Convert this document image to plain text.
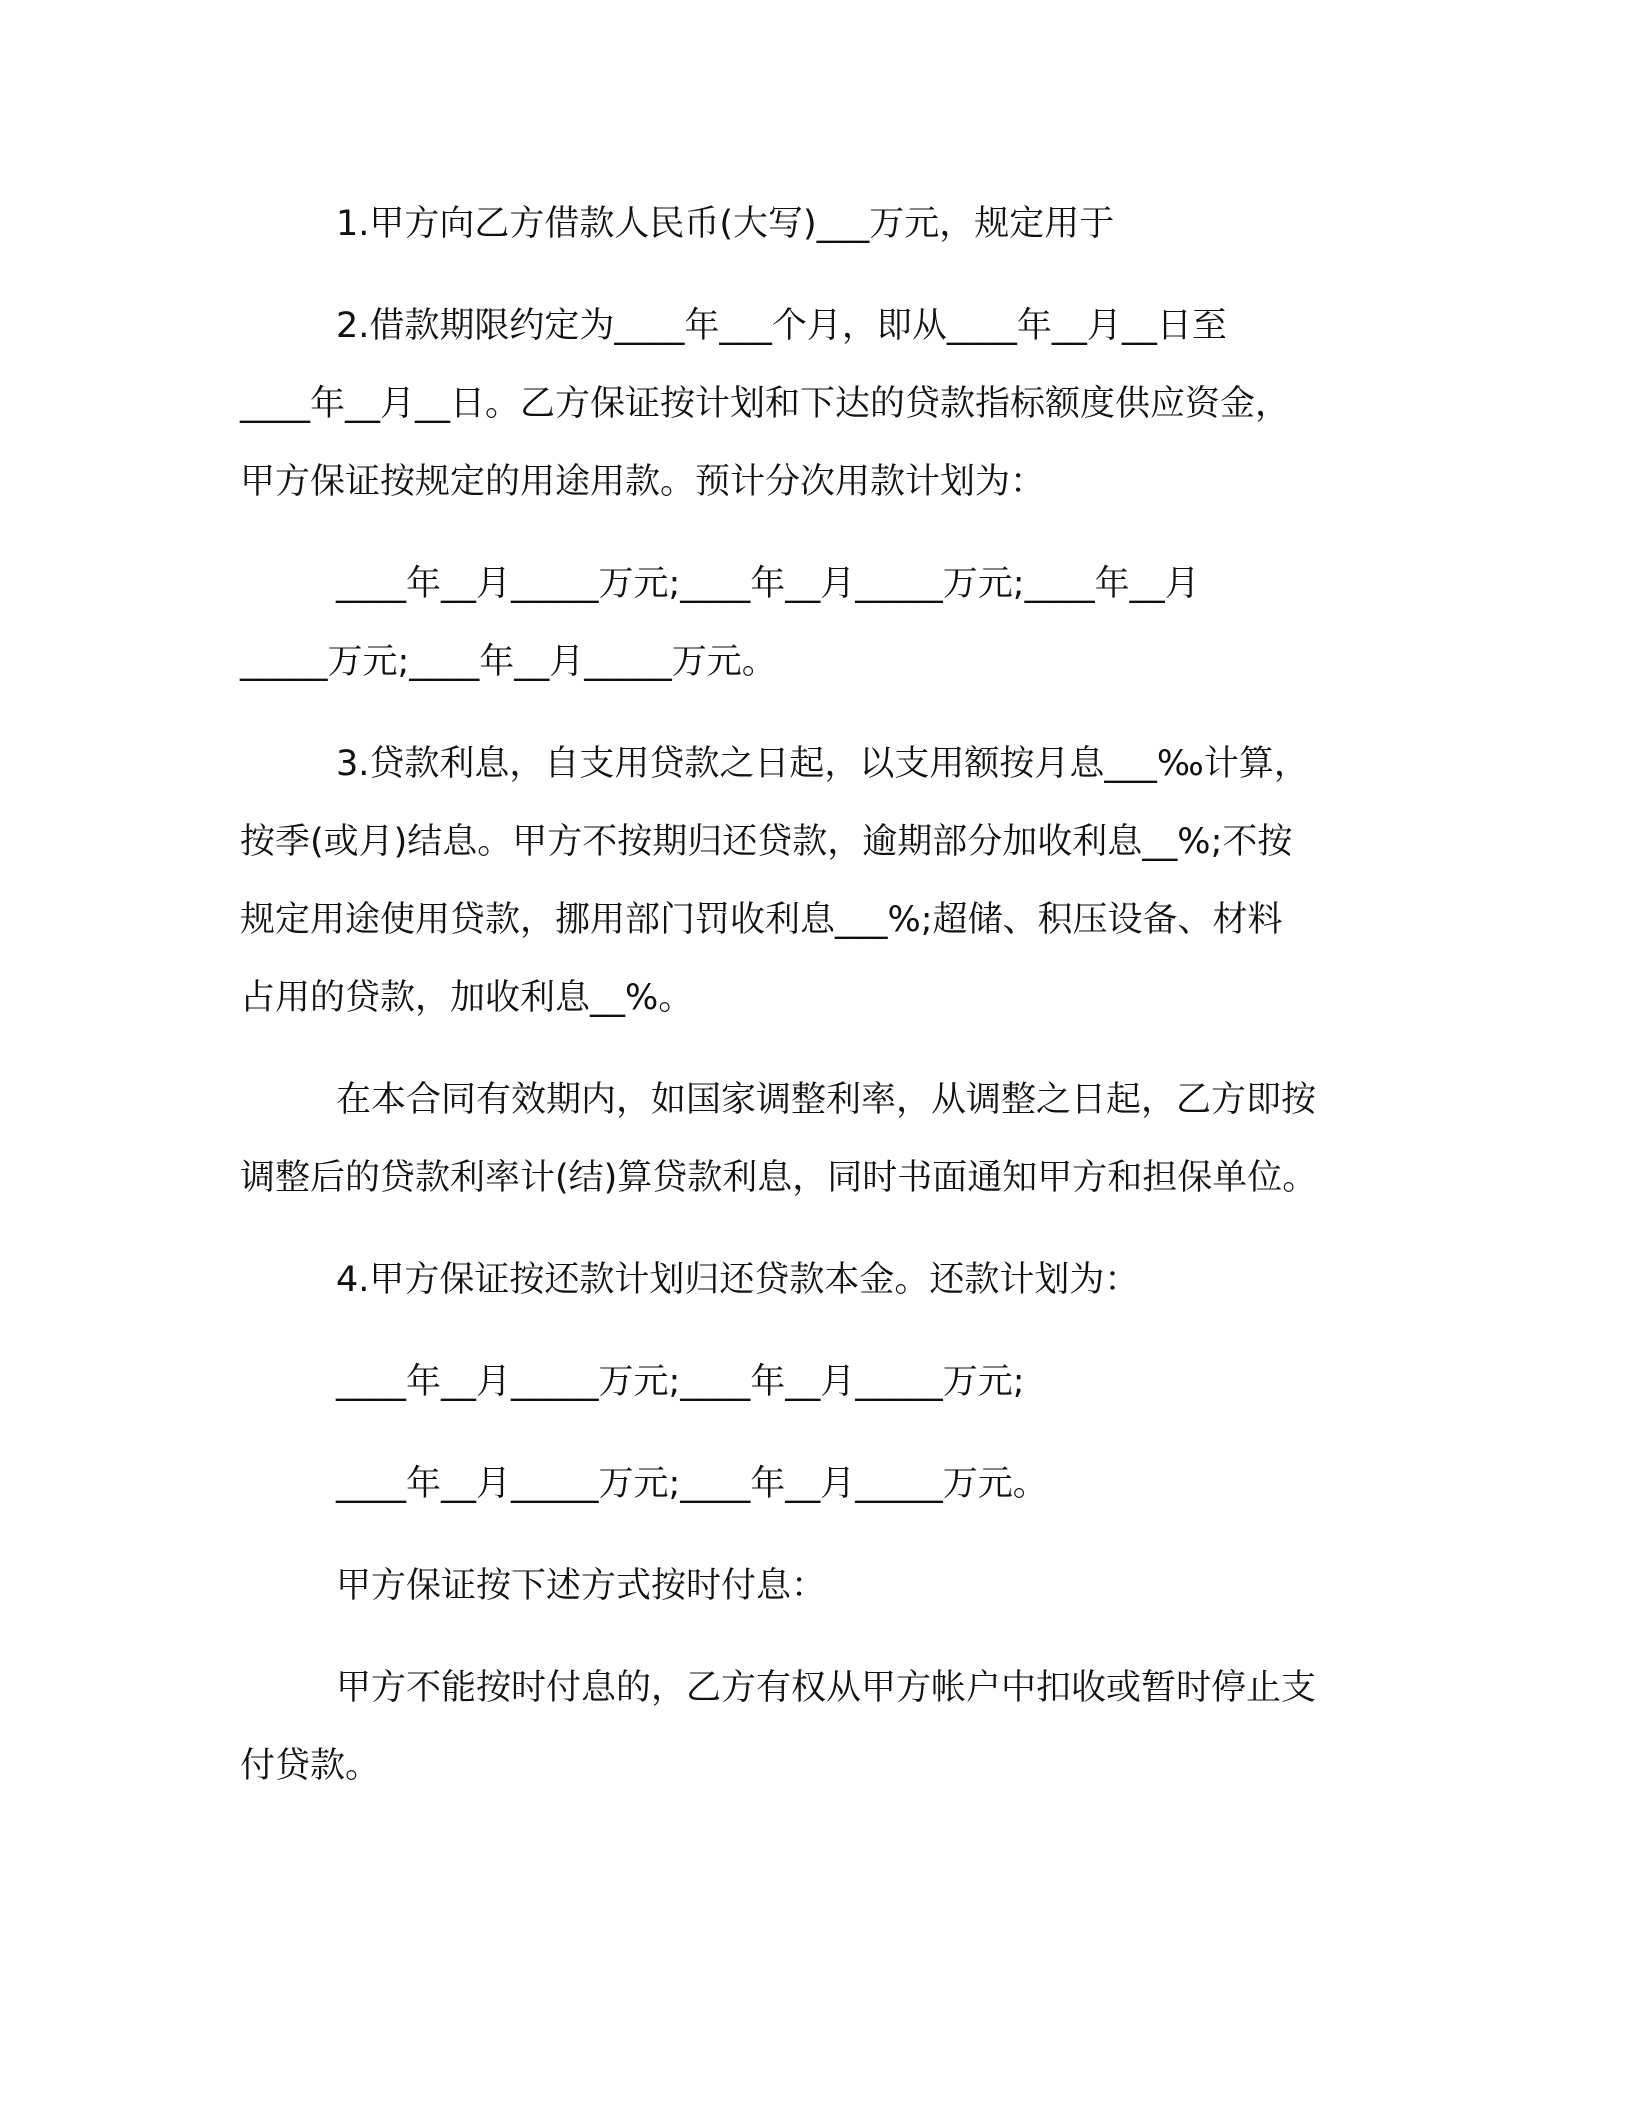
1.甲方向乙方借款人民币(大写)___万元，规定用于
2.借款期限约定为____年___个月，即从____年__月__日至
____年__月__日。乙方保证按计划和下达的贷款指标额度供应资金，
甲方保证按规定的用途用款。预计分次用款计划为：
____年__月_____万元;____年__月_____万元;____年__月
_____万元;____年__月_____万元。
3.贷款利息，自支用贷款之日起，以支用额按月息___‰计算，
按季(或月)结息。甲方不按期归还贷款，逾期部分加收利息__%;不按
规定用途使用贷款，挪用部门罚收利息___%;超储、积压设备、材料
占用的贷款，加收利息__%。
在本合同有效期内，如国家调整利率，从调整之日起，乙方即按
调整后的贷款利率计(结)算贷款利息，同时书面通知甲方和担保单位。
4.甲方保证按还款计划归还贷款本金。还款计划为：
____年__月_____万元;____年__月_____万元;
____年__月_____万元;____年__月_____万元。
甲方保证按下述方式按时付息：
甲方不能按时付息的，乙方有权从甲方帐户中扣收或暂时停止支
付贷款。
